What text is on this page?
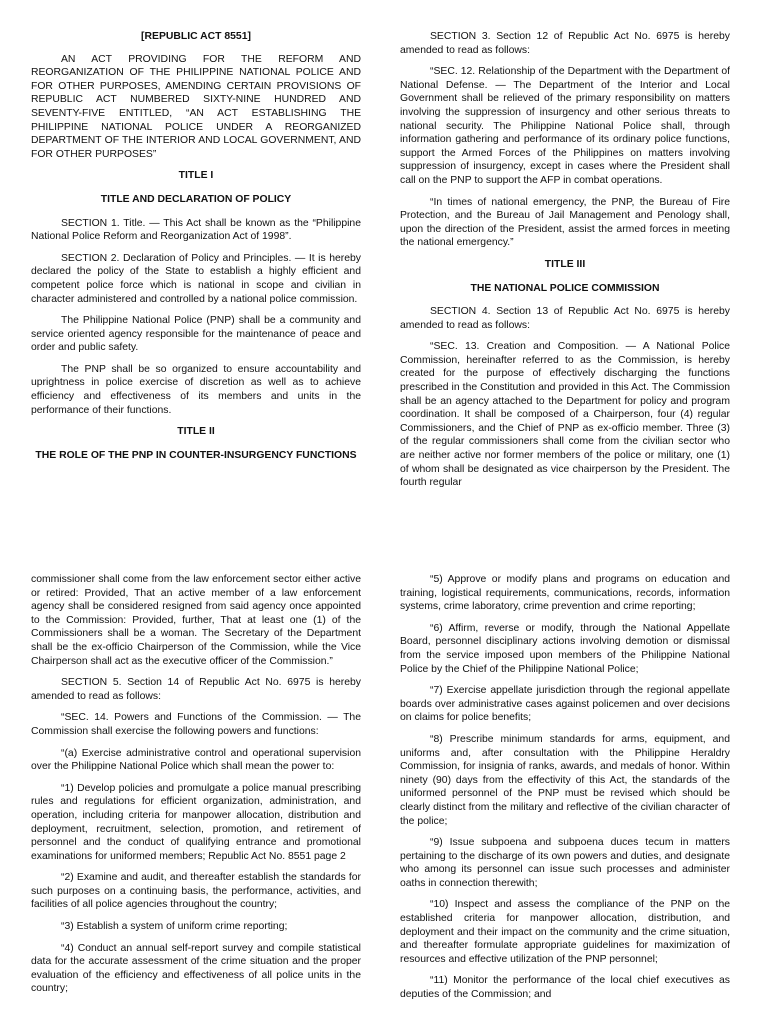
[REPUBLIC ACT 8551]

AN ACT PROVIDING FOR THE REFORM AND REORGANIZATION OF THE PHILIPPINE NATIONAL POLICE AND FOR OTHER PURPOSES, AMENDING CERTAIN PROVISIONS OF REPUBLIC ACT NUMBERED SIXTY-NINE HUNDRED AND SEVENTY-FIVE ENTITLED, “AN ACT ESTABLISHING THE PHILIPPINE NATIONAL POLICE UNDER A REORGANIZED DEPARTMENT OF THE INTERIOR AND LOCAL GOVERNMENT, AND FOR OTHER PURPOSES”

TITLE I
TITLE AND DECLARATION OF POLICY

SECTION 1. Title. — This Act shall be known as the “Philippine National Police Reform and Reorganization Act of 1998”.

SECTION 2. Declaration of Policy and Principles. — It is hereby declared the policy of the State to establish a highly efficient and competent police force which is national in scope and civilian in character administered and controlled by a national police commission.

The Philippine National Police (PNP) shall be a community and service oriented agency responsible for the maintenance of peace and order and public safety.

The PNP shall be so organized to ensure accountability and uprightness in police exercise of discretion as well as to achieve efficiency and effectiveness of its members and units in the performance of their functions.

TITLE II
THE ROLE OF THE PNP IN COUNTER-INSURGENCY FUNCTIONS

SECTION 3. Section 12 of Republic Act No. 6975 is hereby amended to read as follows:

“SEC. 12. Relationship of the Department with the Department of National Defense. — The Department of the Interior and Local Government shall be relieved of the primary responsibility on matters involving the suppression of insurgency and other serious threats to national security. The Philippine National Police shall, through information gathering and performance of its ordinary police functions, support the Armed Forces of the Philippines on matters involving suppression of insurgency, except in cases where the President shall call on the PNP to support the AFP in combat operations.

“In times of national emergency, the PNP, the Bureau of Fire Protection, and the Bureau of Jail Management and Penology shall, upon the direction of the President, assist the armed forces in meeting the national emergency.”

TITLE III
THE NATIONAL POLICE COMMISSION

SECTION 4. Section 13 of Republic Act No. 6975 is hereby amended to read as follows:

“SEC. 13. Creation and Composition. — A National Police Commission, hereinafter referred to as the Commission, is hereby created for the purpose of effectively discharging the functions prescribed in the Constitution and provided in this Act. The Commission shall be an agency attached to the Department for policy and program coordination. It shall be composed of a Chairperson, four (4) regular Commissioners, and the Chief of PNP as ex-officio member. Three (3) of the regular commissioners shall come from the civilian sector who are neither active nor former members of the police or military, one (1) of whom shall be designated as vice chairperson by the President. The fourth regular

commissioner shall come from the law enforcement sector either active or retired: Provided, That an active member of a law enforcement agency shall be considered resigned from said agency once appointed to the Commission: Provided, further, That at least one (1) of the Commissioners shall be a woman. The Secretary of the Department shall be the ex-officio Chairperson of the Commission, while the Vice Chairperson shall act as the executive officer of the Commission.”

SECTION 5. Section 14 of Republic Act No. 6975 is hereby amended to read as follows:

“SEC. 14. Powers and Functions of the Commission. — The Commission shall exercise the following powers and functions:

“(a) Exercise administrative control and operational supervision over the Philippine National Police which shall mean the power to:

“1) Develop policies and promulgate a police manual prescribing rules and regulations for efficient organization, administration, and operation, including criteria for manpower allocation, distribution and deployment, recruitment, selection, promotion, and retirement of personnel and the conduct of qualifying entrance and promotional examinations for uniformed members; Republic Act No. 8551 page 2

“2) Examine and audit, and thereafter establish the standards for such purposes on a continuing basis, the performance, activities, and facilities of all police agencies throughout the country;

“3) Establish a system of uniform crime reporting;

“4) Conduct an annual self-report survey and compile statistical data for the accurate assessment of the crime situation and the proper evaluation of the efficiency and effectiveness of all police units in the country;

“5) Approve or modify plans and programs on education and training, logistical requirements, communications, records, information systems, crime laboratory, crime prevention and crime reporting;

“6) Affirm, reverse or modify, through the National Appellate Board, personnel disciplinary actions involving demotion or dismissal from the service imposed upon members of the Philippine National Police by the Chief of the Philippine National Police;

“7) Exercise appellate jurisdiction through the regional appellate boards over administrative cases against policemen and over decisions on claims for police benefits;

“8) Prescribe minimum standards for arms, equipment, and uniforms and, after consultation with the Philippine Heraldry Commission, for insignia of ranks, awards, and medals of honor. Within ninety (90) days from the effectivity of this Act, the standards of the uniformed personnel of the PNP must be revised which should be clearly distinct from the military and reflective of the civilian character of the police;

“9) Issue subpoena and subpoena duces tecum in matters pertaining to the discharge of its own powers and duties, and designate who among its personnel can issue such processes and administer oaths in connection therewith;

“10) Inspect and assess the compliance of the PNP on the established criteria for manpower allocation, distribution, and deployment and their impact on the community and the crime situation, and thereafter formulate appropriate guidelines for maximization of resources and effective utilization of the PNP personnel;

“11) Monitor the performance of the local chief executives as deputies of the Commission; and
